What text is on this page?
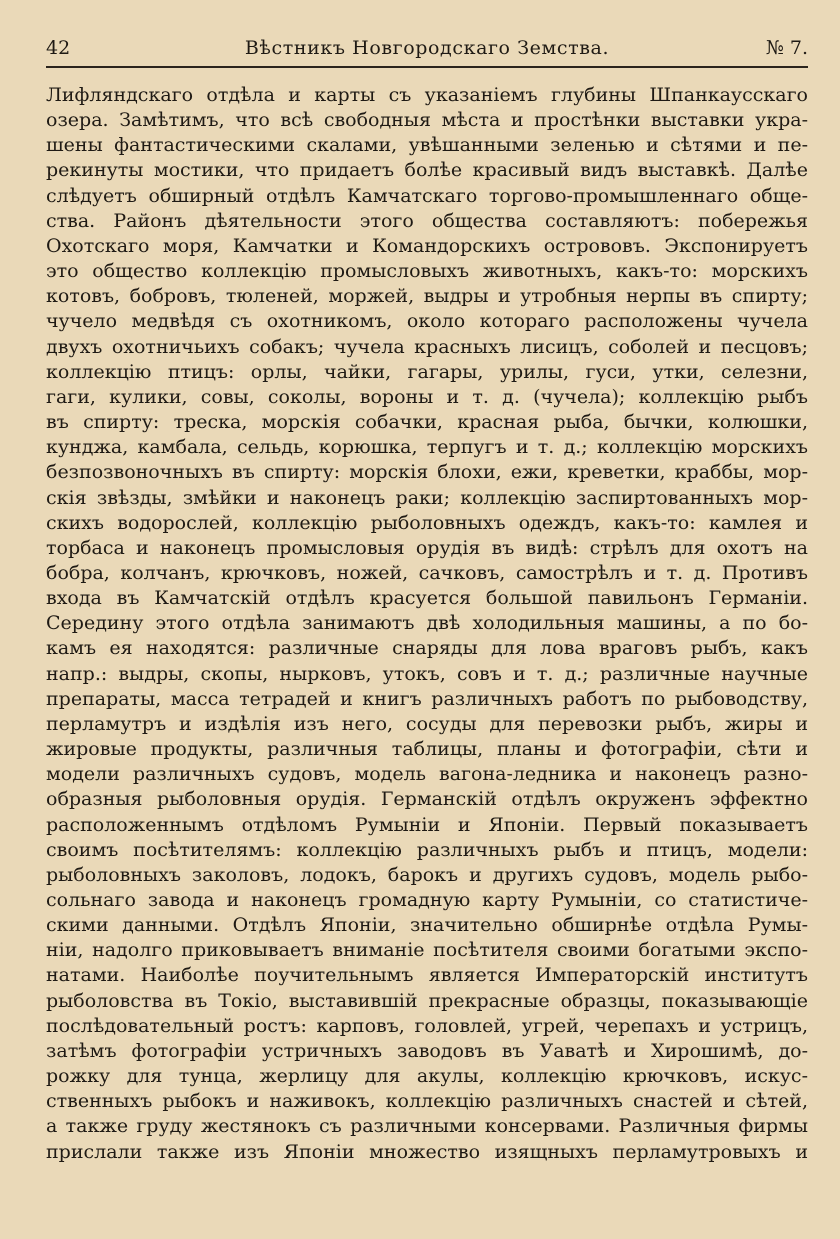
42	Вѣстникъ Новгородскаго Земства.	№ 7.
Лифляндскаго отдѣла и карты съ указаніемъ глубины Шпанкаусскаго
озера. Замѣтимъ, что всѣ свободныя мѣста и простѣнки выставки укра-
шены фантастическими скалами, увѣшанными зеленью и сѣтями и пе-
рекинуты мостики, что придаетъ болѣе красивый видъ выставкѣ. Далѣе
слѣдуетъ обширный отдѣлъ Камчатскаго торгово-промышленнаго обще-
ства. Районъ дѣятельности этого общества составляютъ: побережья
Охотскаго моря, Камчатки и Командорскихъ острововъ. Экспонируетъ
это общество коллекцію промысловыхъ животныхъ, какъ-то: морскихъ
котовъ, бобровъ, тюленей, моржей, выдры и утробныя нерпы въ спирту;
чучело медвѣдя съ охотникомъ, около котораго расположены чучела
двухъ охотничьихъ собакъ; чучела красныхъ лисицъ, соболей и песцовъ;
коллекцію птицъ: орлы, чайки, гагары, урилы, гуси, утки, селезни,
гаги, кулики, совы, соколы, вороны и т. д. (чучела); коллекцію рыбъ
въ спирту: треска, морскія собачки, красная рыба, бычки, колюшки,
кунджа, камбала, сельдь, корюшка, терпугъ и т. д.; коллекцію морскихъ
безпозвоночныхъ въ спирту: морскія блохи, ежи, креветки, краббы, мор-
скія звѣзды, змѣйки и наконецъ раки; коллекцію заспиртованныхъ мор-
скихъ водорослей, коллекцію рыболовныхъ одеждъ, какъ-то: камлея и
торбаса и наконецъ промысловыя орудія въ видѣ: стрѣлъ для охотъ на
бобра, колчанъ, крючковъ, ножей, сачковъ, самострѣлъ и т. д. Противъ
входа въ Камчатскій отдѣлъ красуется большой павильонъ Германіи.
Середину этого отдѣла занимаютъ двѣ холодильныя машины, а по бо-
камъ ея находятся: различные снаряды для лова враговъ рыбъ, какъ
напр.: выдры, скопы, нырковъ, утокъ, совъ и т. д.; различные научные
препараты, масса тетрадей и книгъ различныхъ работъ по рыбоводству,
перламутръ и издѣлія изъ него, сосуды для перевозки рыбъ, жиры и
жировые продукты, различныя таблицы, планы и фотографіи, сѣти и
модели различныхъ судовъ, модель вагона-ледника и наконецъ разно-
образныя рыболовныя орудія. Германскій отдѣлъ окруженъ эффектно
расположеннымъ отдѣломъ Румыніи и Японіи. Первый показываетъ
своимъ посѣтителямъ: коллекцію различныхъ рыбъ и птицъ, модели:
рыболовныхъ заколовъ, лодокъ, барокъ и другихъ судовъ, модель рыбо-
сольнаго завода и наконецъ громадную карту Румыніи, со статистиче-
скими данными. Отдѣлъ Японіи, значительно обширнѣе отдѣла Румы-
ніи, надолго приковываетъ вниманіе посѣтителя своими богатыми экспо-
натами. Наиболѣе поучительнымъ является Императорскій институтъ
рыболовства въ Токіо, выставившій прекрасные образцы, показывающіе
послѣдовательный ростъ: карповъ, головлей, угрей, черепахъ и устрицъ,
затѣмъ фотографіи устричныхъ заводовъ въ Уаватѣ и Хирошимѣ, до-
рожку для тунца, жерлицу для акулы, коллекцію крючковъ, искус-
ственныхъ рыбокъ и наживокъ, коллекцію различныхъ снастей и сѣтей,
а также груду жестянокъ съ различными консервами. Различныя фирмы
прислали также изъ Японіи множество изящныхъ перламутровыхъ и
